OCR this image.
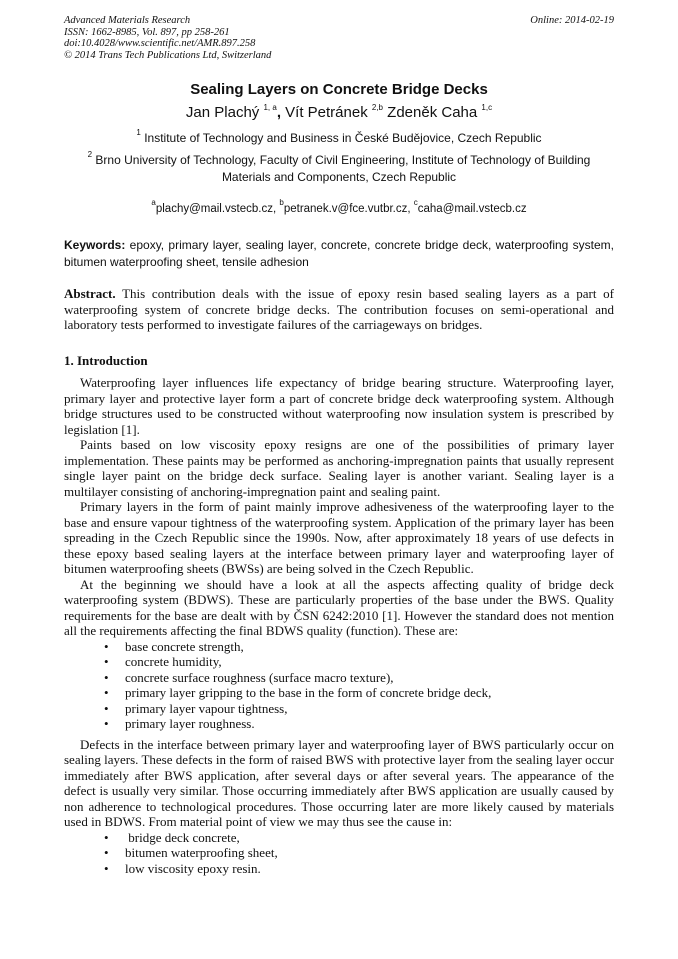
Advanced Materials Research
ISSN: 1662-8985, Vol. 897, pp 258-261
doi:10.4028/www.scientific.net/AMR.897.258
© 2014 Trans Tech Publications Ltd, Switzerland
Online: 2014-02-19
Sealing Layers on Concrete Bridge Decks
Jan Plachý $^{1, a}$, Vít Petránek $^{2,b}$ Zdeněk Caha $^{1,c}$
$^1$ Institute of Technology and Business in České Budějovice, Czech Republic
$^2$ Brno University of Technology, Faculty of Civil Engineering, Institute of Technology of Building Materials and Components, Czech Republic
$^a$plachy@mail.vstecb.cz, $^b$petranek.v@fce.vutbr.cz, $^c$caha@mail.vstecb.cz
Keywords: epoxy, primary layer, sealing layer, concrete, concrete bridge deck, waterproofing system, bitumen waterproofing sheet, tensile adhesion
Abstract. This contribution deals with the issue of epoxy resin based sealing layers as a part of waterproofing system of concrete bridge decks. The contribution focuses on semi-operational and laboratory tests performed to investigate failures of the carriageways on bridges.
1. Introduction

Waterproofing layer influences life expectancy of bridge bearing structure. Waterproofing layer, primary layer and protective layer form a part of concrete bridge deck waterproofing system. Although bridge structures used to be constructed without waterproofing now insulation system is prescribed by legislation [1].

Paints based on low viscosity epoxy resigns are one of the possibilities of primary layer implementation. These paints may be performed as anchoring-impregnation paints that usually represent single layer paint on the bridge deck surface. Sealing layer is another variant. Sealing layer is a multilayer consisting of anchoring-impregnation paint and sealing paint.

Primary layers in the form of paint mainly improve adhesiveness of the waterproofing layer to the base and ensure vapour tightness of the waterproofing system. Application of the primary layer has been spreading in the Czech Republic since the 1990s. Now, after approximately 18 years of use defects in these epoxy based sealing layers at the interface between primary layer and waterproofing layer of bitumen waterproofing sheets (BWSs) are being solved in the Czech Republic.

At the beginning we should have a look at all the aspects affecting quality of bridge deck waterproofing system (BDWS). These are particularly properties of the base under the BWS. Quality requirements for the base are dealt with by ČSN 6242:2010 [1]. However the standard does not mention all the requirements affecting the final BDWS quality (function). These are:

• base concrete strength,
• concrete humidity,
• concrete surface roughness (surface macro texture),
• primary layer gripping to the base in the form of concrete bridge deck,
• primary layer vapour tightness,
• primary layer roughness.

Defects in the interface between primary layer and waterproofing layer of BWS particularly occur on sealing layers. These defects in the form of raised BWS with protective layer from the sealing layer occur immediately after BWS application, after several days or after several years. The appearance of the defect is usually very similar. Those occurring immediately after BWS application are usually caused by non adherence to technological procedures. Those occurring later are more likely caused by materials used in BDWS. From material point of view we may thus see the cause in:

• bridge deck concrete,
• bitumen waterproofing sheet,
• low viscosity epoxy resin.
